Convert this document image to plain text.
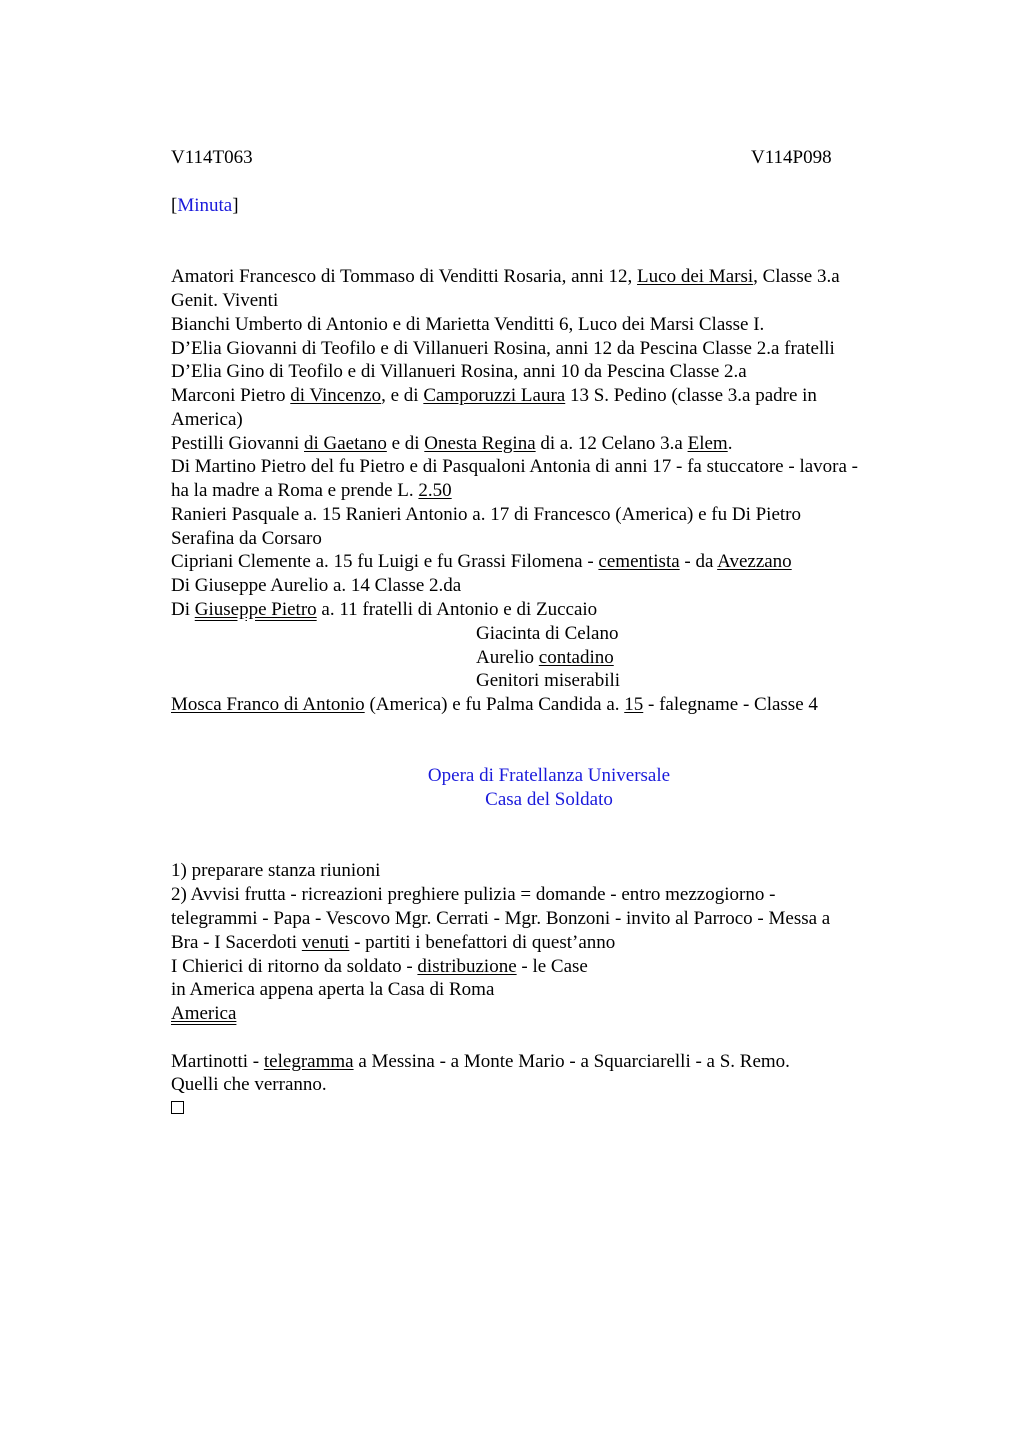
V114T063	V114P098
[Minuta]
Amatori Francesco di Tommaso di Venditti Rosaria, anni 12, Luco dei Marsi, Classe 3.a
Genit. Viventi
Bianchi Umberto di Antonio e di Marietta Venditti 6, Luco dei Marsi Classe I.
D’Elia Giovanni di Teofilo e di Villanueri Rosina, anni 12 da Pescina Classe 2.a fratelli
D’Elia Gino di Teofilo e di Villanueri Rosina, anni 10 da Pescina Classe 2.a
Marconi Pietro di Vincenzo, e di Camporuzzi Laura 13 S. Pedino (classe 3.a padre in
America)
Pestilli Giovanni di Gaetano e di Onesta Regina di a. 12 Celano 3.a Elem.
Di Martino Pietro del fu Pietro e di Pasqualoni Antonia di anni 17 - fa stuccatore - lavora -
ha la madre a Roma e prende L. 2.50
Ranieri Pasquale a. 15 Ranieri Antonio a. 17 di Francesco (America) e fu Di Pietro
Serafina da Corsaro
Cipriani Clemente a. 15 fu Luigi e fu Grassi Filomena - cementista - da Avezzano
Di Giuseppe Aurelio a. 14 Classe 2.da
Di Giuseppe Pietro a. 11 fratelli di Antonio e di Zuccaio
Giacinta di Celano
Aurelio contadino
Genitori miserabili
Mosca Franco di Antonio (America) e fu Palma Candida a. 15 - falegname - Classe 4
Opera di Fratellanza Universale
Casa del Soldato
1) preparare stanza riunioni
2) Avvisi frutta - ricreazioni preghiere pulizia = domande - entro mezzogiorno -
telegrammi - Papa - Vescovo Mgr. Cerrati - Mgr. Bonzoni - invito al Parroco - Messa a
Bra - I Sacerdoti venuti - partiti i benefattori di quest’anno
I Chierici di ritorno da soldato - distribuzione - le Case
in America appena aperta la Casa di Roma
America
Martinotti - telegramma a Messina - a Monte Mario - a Squarciarelli - a S. Remo.
Quelli che verranno.
